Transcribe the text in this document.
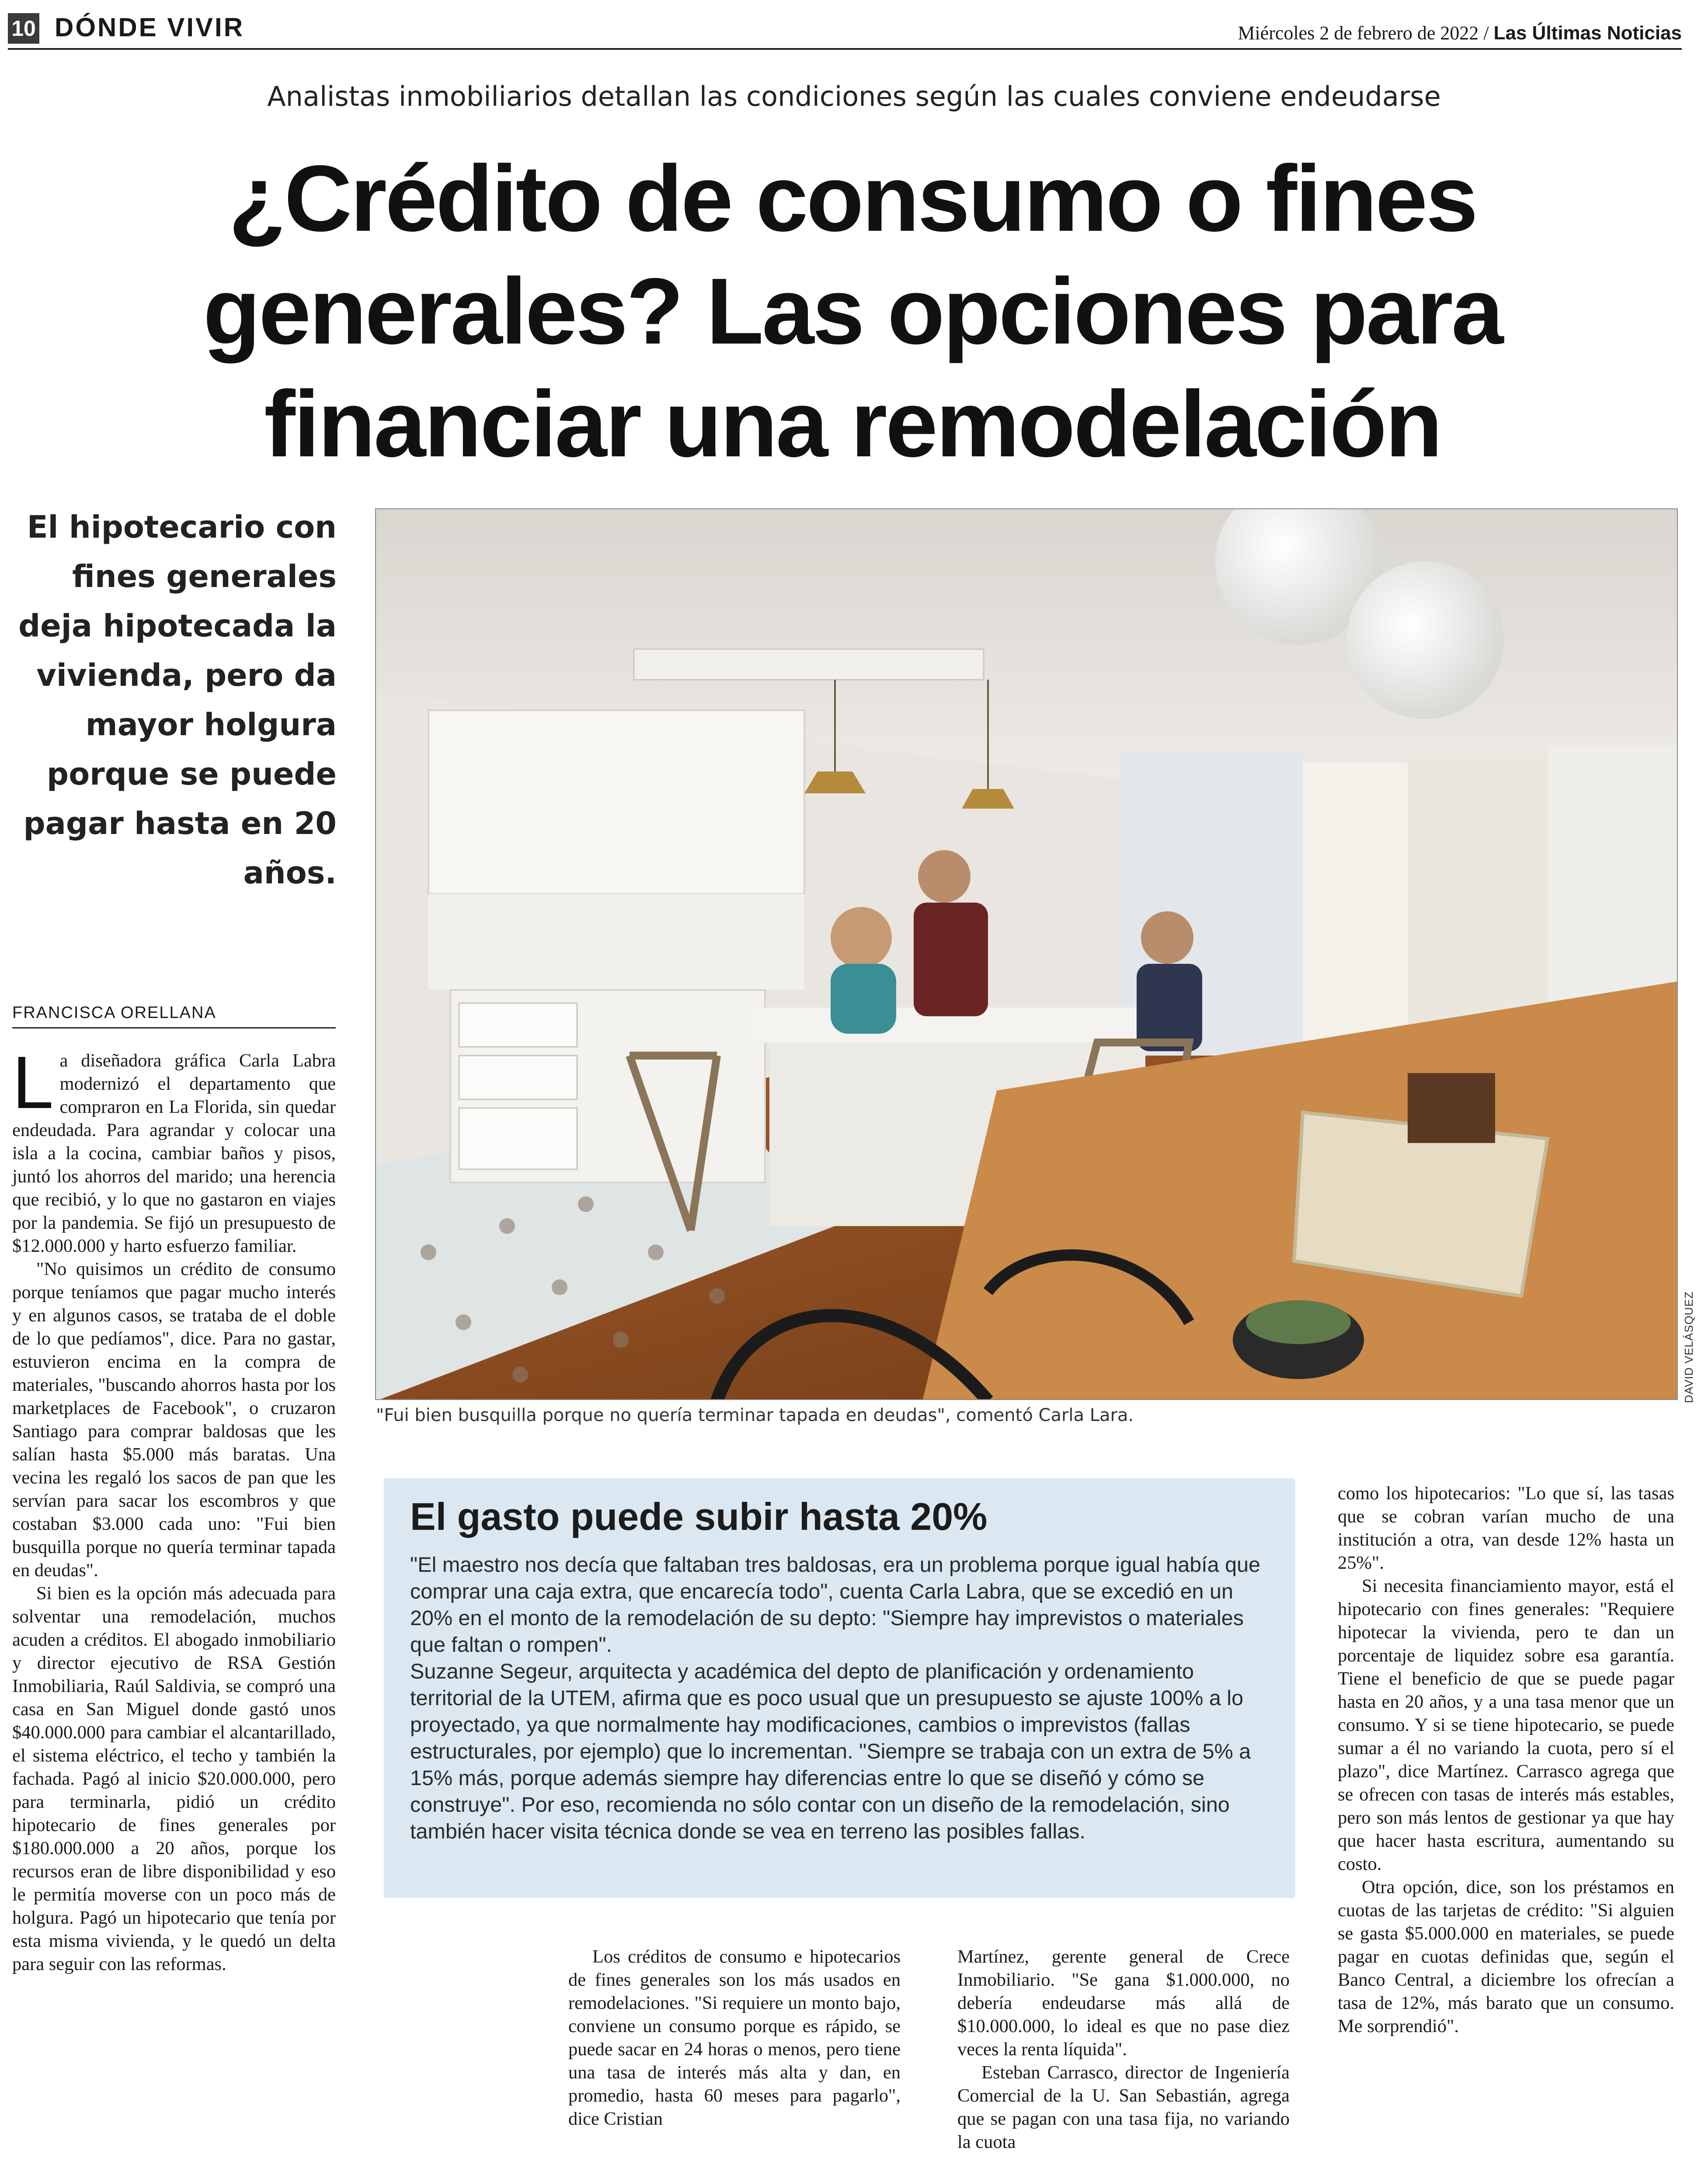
10 DÓNDE VIVIR	Miércoles 2 de febrero de 2022 / Las Últimas Noticias
Analistas inmobiliarios detallan las condiciones según las cuales conviene endeudarse
¿Crédito de consumo o fines generales? Las opciones para financiar una remodelación
El hipotecario con fines generales deja hipotecada la vivienda, pero da mayor holgura porque se puede pagar hasta en 20 años.
FRANCISCA ORELLANA

La diseñadora gráfica Carla Labra modernizó el departamento que compraron en La Florida, sin quedar endeudada. Para agrandar y colocar una isla a la cocina, cambiar baños y pisos, juntó los ahorros del marido; una herencia que recibió, y lo que no gastaron en viajes por la pandemia. Se fijó un presupuesto de $12.000.000 y harto esfuerzo familiar.

"No quisimos un crédito de consumo porque teníamos que pagar mucho interés y en algunos casos, se trataba de el doble de lo que pedíamos", dice. Para no gastar, estuvieron encima en la compra de materiales, "buscando ahorros hasta por los marketplaces de Facebook", o cruzaron Santiago para comprar baldosas que les salían hasta $5.000 más baratas. Una vecina les regaló los sacos de pan que les servían para sacar los escombros y que costaban $3.000 cada uno: "Fui bien busquilla porque no quería terminar tapada en deudas".

Si bien es la opción más adecuada para solventar una remodelación, muchos acuden a créditos. El abogado inmobiliario y director ejecutivo de RSA Gestión Inmobiliaria, Raúl Saldivia, se compró una casa en San Miguel donde gastó unos $40.000.000 para cambiar el alcantarillado, el sistema eléctrico, el techo y también la fachada. Pagó al inicio $20.000.000, pero para terminarla, pidió un crédito hipotecario de fines generales por $180.000.000 a 20 años, porque los recursos eran de libre disponibilidad y eso le permitía moverse con un poco más de holgura. Pagó un hipotecario que tenía por esta misma vivienda, y le quedó un delta para seguir con las reformas.

DAVID VELÁSQUEZ
"Fui bien busquilla porque no quería terminar tapada en deudas", comentó Carla Lara.
El gasto puede subir hasta 20%
"El maestro nos decía que faltaban tres baldosas, era un problema porque igual había que comprar una caja extra, que encarecía todo", cuenta Carla Labra, que se excedió en un 20% en el monto de la remodelación de su depto: "Siempre hay imprevistos o materiales que faltan o rompen".
Suzanne Segeur, arquitecta y académica del depto de planificación y ordenamiento territorial de la UTEM, afirma que es poco usual que un presupuesto se ajuste 100% a lo proyectado, ya que normalmente hay modificaciones, cambios o imprevistos (fallas estructurales, por ejemplo) que lo incrementan. "Siempre se trabaja con un extra de 5% a 15% más, porque además siempre hay diferencias entre lo que se diseñó y cómo se construye". Por eso, recomienda no sólo contar con un diseño de la remodelación, sino también hacer visita técnica donde se vea en terreno las posibles fallas.

Los créditos de consumo e hipotecarios de fines generales son los más usados en remodelaciones. "Si requiere un monto bajo, conviene un consumo porque es rápido, se puede sacar en 24 horas o menos, pero tiene una tasa de interés más alta y dan, en promedio, hasta 60 meses para pagarlo", dice Cristian

Martínez, gerente general de Crece Inmobiliario. "Se gana $1.000.000, no debería endeudarse más allá de $10.000.000, lo ideal es que no pase diez veces la renta líquida".

Esteban Carrasco, director de Ingeniería Comercial de la U. San Sebastián, agrega que se pagan con una tasa fija, no variando la cuota

como los hipotecarios: "Lo que sí, las tasas que se cobran varían mucho de una institución a otra, van desde 12% hasta un 25%".

Si necesita financiamiento mayor, está el hipotecario con fines generales: "Requiere hipotecar la vivienda, pero te dan un porcentaje de liquidez sobre esa garantía. Tiene el beneficio de que se puede pagar hasta en 20 años, y a una tasa menor que un consumo. Y si se tiene hipotecario, se puede sumar a él no variando la cuota, pero sí el plazo", dice Martínez. Carrasco agrega que se ofrecen con tasas de interés más estables, pero son más lentos de gestionar ya que hay que hacer hasta escritura, aumentando su costo.

Otra opción, dice, son los préstamos en cuotas de las tarjetas de crédito: "Si alguien se gasta $5.000.000 en materiales, se puede pagar en cuotas definidas que, según el Banco Central, a diciembre los ofrecían a tasa de 12%, más barato que un consumo. Me sorprendió".
